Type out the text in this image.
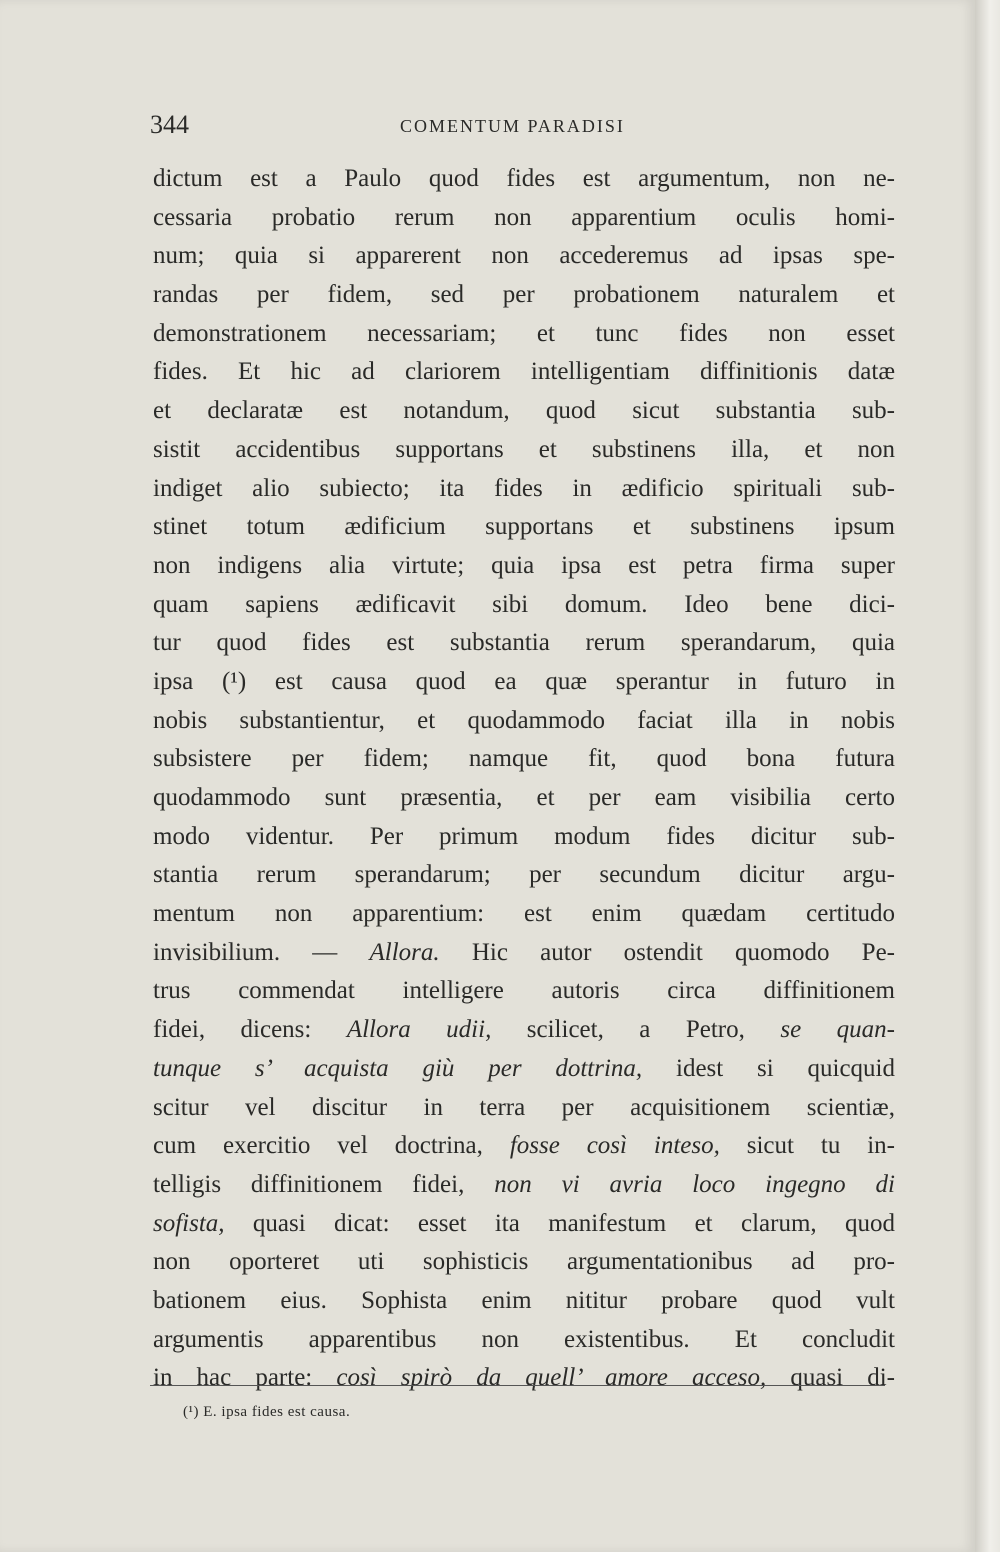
344	COMENTUM PARADISI
dictum est a Paulo quod fides est argumentum, non ne-
cessaria probatio rerum non apparentium oculis homi-
num; quia si apparerent non accederemus ad ipsas spe-
randas per fidem, sed per probationem naturalem et
demonstrationem necessariam; et tunc fides non esset
fides. Et hic ad clariorem intelligentiam diffinitionis datæ
et declaratæ est notandum, quod sicut substantia sub-
sistit accidentibus supportans et substinens illa, et non
indiget alio subiecto; ita fides in ædificio spirituali sub-
stinet totum ædificium supportans et substinens ipsum
non indigens alia virtute; quia ipsa est petra firma super
quam sapiens ædificavit sibi domum. Ideo bene dici-
tur quod fides est substantia rerum sperandarum, quia
ipsa (¹) est causa quod ea quæ sperantur in futuro in
nobis substantientur, et quodammodo faciat illa in nobis
subsistere per fidem; namque fit, quod bona futura
quodammodo sunt præsentia, et per eam visibilia certo
modo videntur. Per primum modum fides dicitur sub-
stantia rerum sperandarum; per secundum dicitur argu-
mentum non apparentium: est enim quædam certitudo
invisibilium. — Allora. Hic autor ostendit quomodo Pe-
trus commendat intelligere autoris circa diffinitionem
fidei, dicens: Allora udii, scilicet, a Petro, se quan-
tunque s’ acquista giù per dottrina, idest si quicquid
scitur vel discitur in terra per acquisitionem scientiæ,
cum exercitio vel doctrina, fosse così inteso, sicut tu in-
telligis diffinitionem fidei, non vi avria loco ingegno di
sofista, quasi dicat: esset ita manifestum et clarum, quod
non oporteret uti sophisticis argumentationibus ad pro-
bationem eius. Sophista enim nititur probare quod vult
argumentis apparentibus non existentibus. Et concludit
in hac parte: così spirò da quell’ amore acceso, quasi di-
(¹) E. ipsa fides est causa.
